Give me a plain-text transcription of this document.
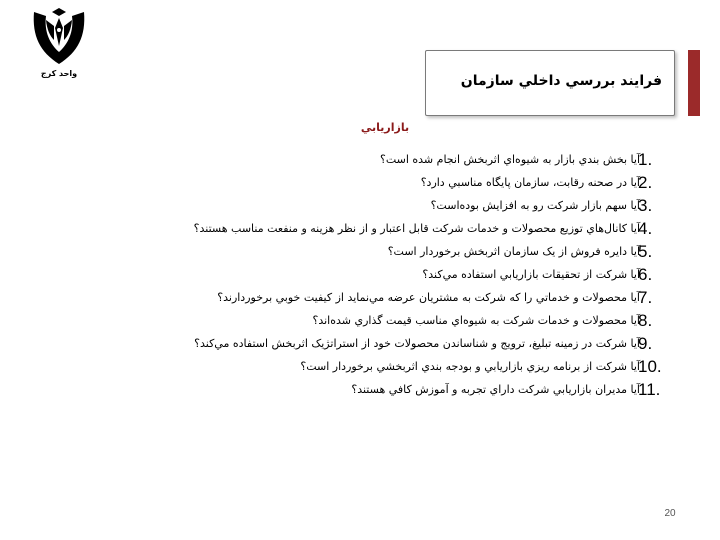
واحد کرج	فرايند بررسي داخلي سازمان
بازاريابي
1.
آيا بخش بندي بازار به شيوه‌اي اثربخش انجام شده است؟
2.
آيا در صحنه رقابت، سازمان پايگاه مناسبي دارد؟
3.
آيا سهم بازار شرکت رو به افزايش بوده‌است؟
4.
آيا کانال‌هاي توزيع محصولات و خدمات شرکت قابل اعتبار و از نظر هزينه و منفعت مناسب هستند؟
5.
آيا دايره فروش از يک سازمان اثربخش برخوردار است؟
6.
آيا شرکت از تحقيقات بازاريابي استفاده مي‌کند؟
7.
آيا محصولات و خدماتي را که شرکت به مشتريان عرضه مي‌نمايد از کيفيت خوبي برخوردارند؟
8.
آيا محصولات و خدمات شرکت به شيوه‌اي مناسب قيمت گذاري شده‌اند؟
9.
آيا شرکت در زمينه تبليغ، ترويج و شناساندن محصولات خود از استراتژيک اثربخش استفاده مي‌کند؟
10.
آيا شرکت از برنامه ريزي بازاريابي و بودجه بندي اثربخشي برخوردار است؟
11.
آيا مديران بازاريابي شرکت داراي تجربه و آموزش کافي هستند؟
20
